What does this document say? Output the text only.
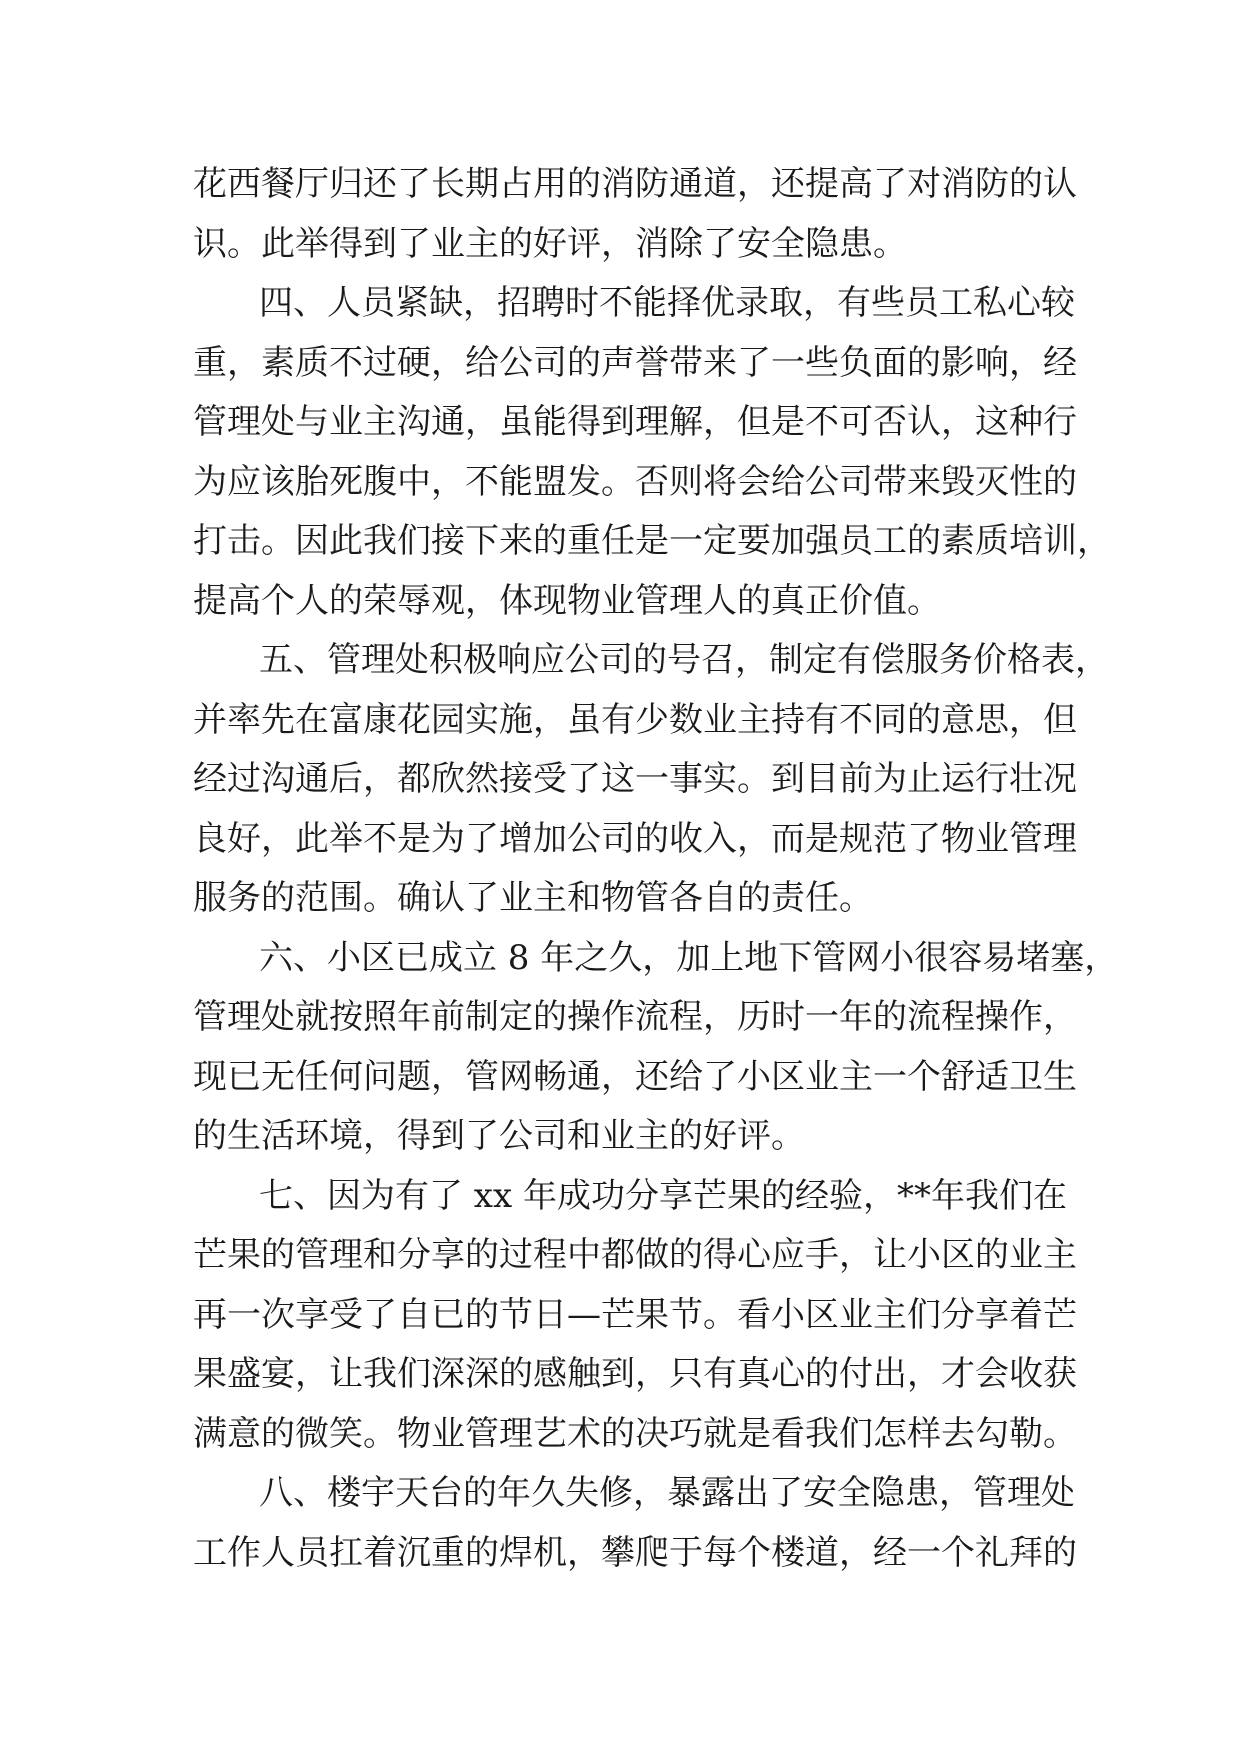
花西餐厅归还了长期占用的消防通道，还提高了对消防的认
识。此举得到了业主的好评，消除了安全隐患。
四、人员紧缺，招聘时不能择优录取，有些员工私心较
重，素质不过硬，给公司的声誉带来了一些负面的影响，经
管理处与业主沟通，虽能得到理解，但是不可否认，这种行
为应该胎死腹中，不能盟发。否则将会给公司带来毁灭性的
打击。因此我们接下来的重任是一定要加强员工的素质培训，
提高个人的荣辱观，体现物业管理人的真正价值。
五、管理处积极响应公司的号召，制定有偿服务价格表，
并率先在富康花园实施，虽有少数业主持有不同的意思，但
经过沟通后，都欣然接受了这一事实。到目前为止运行壮况
良好，此举不是为了增加公司的收入，而是规范了物业管理
服务的范围。确认了业主和物管各自的责任。
六、小区已成立 8 年之久，加上地下管网小很容易堵塞，
管理处就按照年前制定的操作流程，历时一年的流程操作，
现已无任何问题，管网畅通，还给了小区业主一个舒适卫生
的生活环境，得到了公司和业主的好评。
七、因为有了 xx 年成功分享芒果的经验，**年我们在
芒果的管理和分享的过程中都做的得心应手，让小区的业主
再一次享受了自已的节日—芒果节。看小区业主们分享着芒
果盛宴，让我们深深的感触到，只有真心的付出，才会收获
满意的微笑。物业管理艺术的决巧就是看我们怎样去勾勒。
八、楼宇天台的年久失修，暴露出了安全隐患，管理处
工作人员扛着沉重的焊机，攀爬于每个楼道，经一个礼拜的
